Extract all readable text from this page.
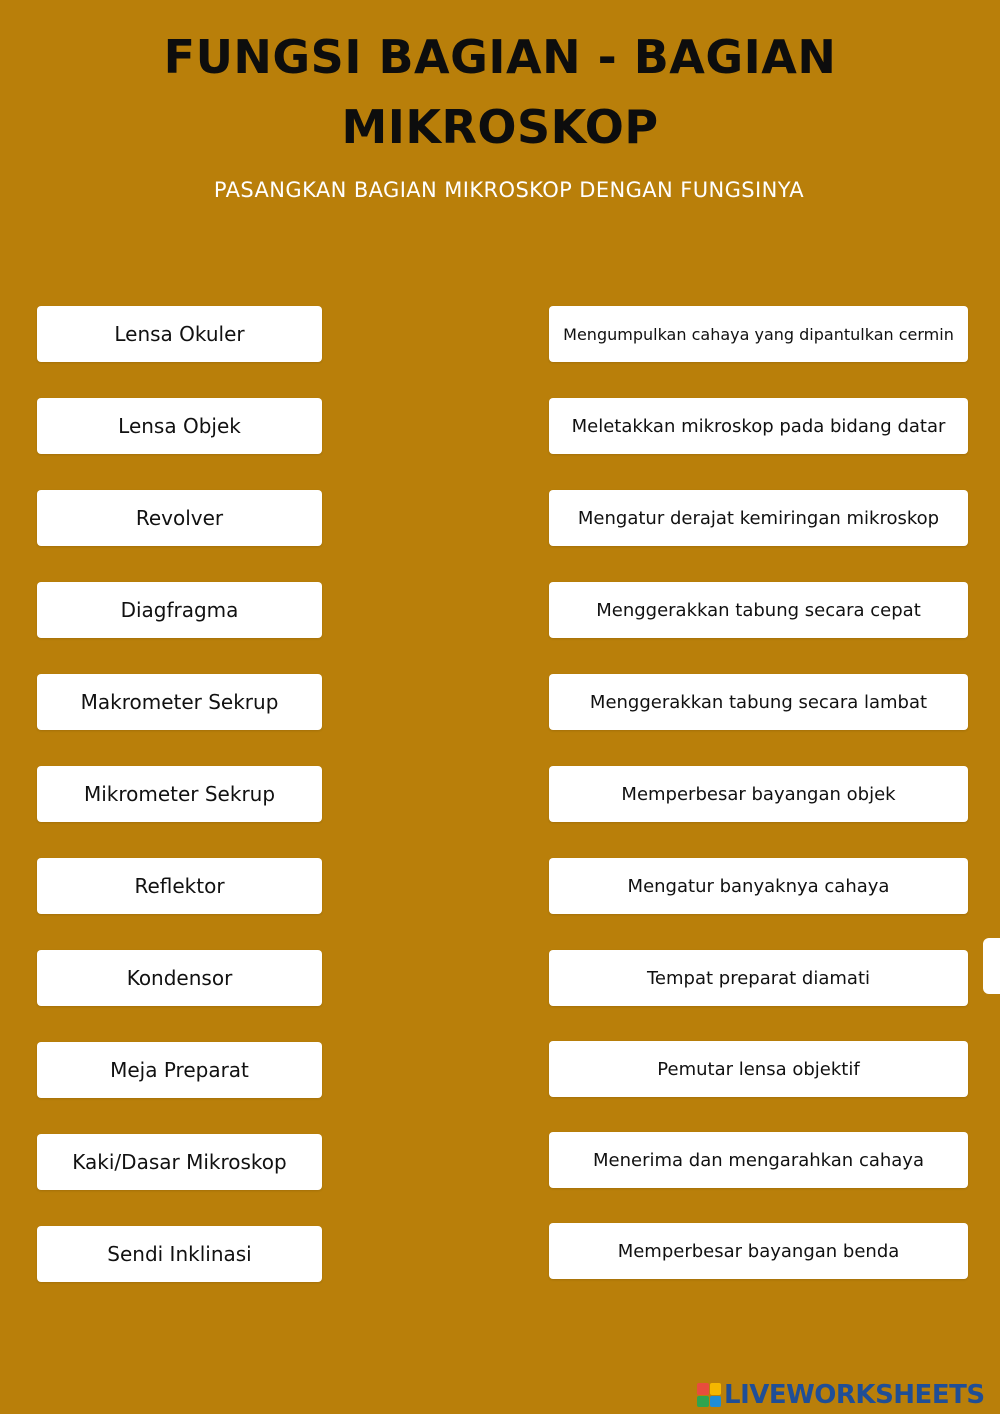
FUNGSI BAGIAN - BAGIAN
MIKROSKOP
PASANGKAN BAGIAN MIKROSKOP DENGAN FUNGSINYA
Lensa Okuler
Lensa Objek
Revolver
Diagfragma
Makrometer Sekrup
Mikrometer Sekrup
Reflektor
Kondensor
Meja Preparat
Kaki/Dasar Mikroskop
Sendi Inklinasi
Mengumpulkan cahaya yang dipantulkan cermin
Meletakkan mikroskop pada bidang datar
Mengatur derajat kemiringan mikroskop
Menggerakkan tabung secara cepat
Menggerakkan tabung secara lambat
Memperbesar bayangan objek
Mengatur banyaknya cahaya
Tempat preparat diamati
Pemutar lensa objektif
Menerima dan mengarahkan cahaya
Memperbesar bayangan benda
LIVEWORKSHEETS
